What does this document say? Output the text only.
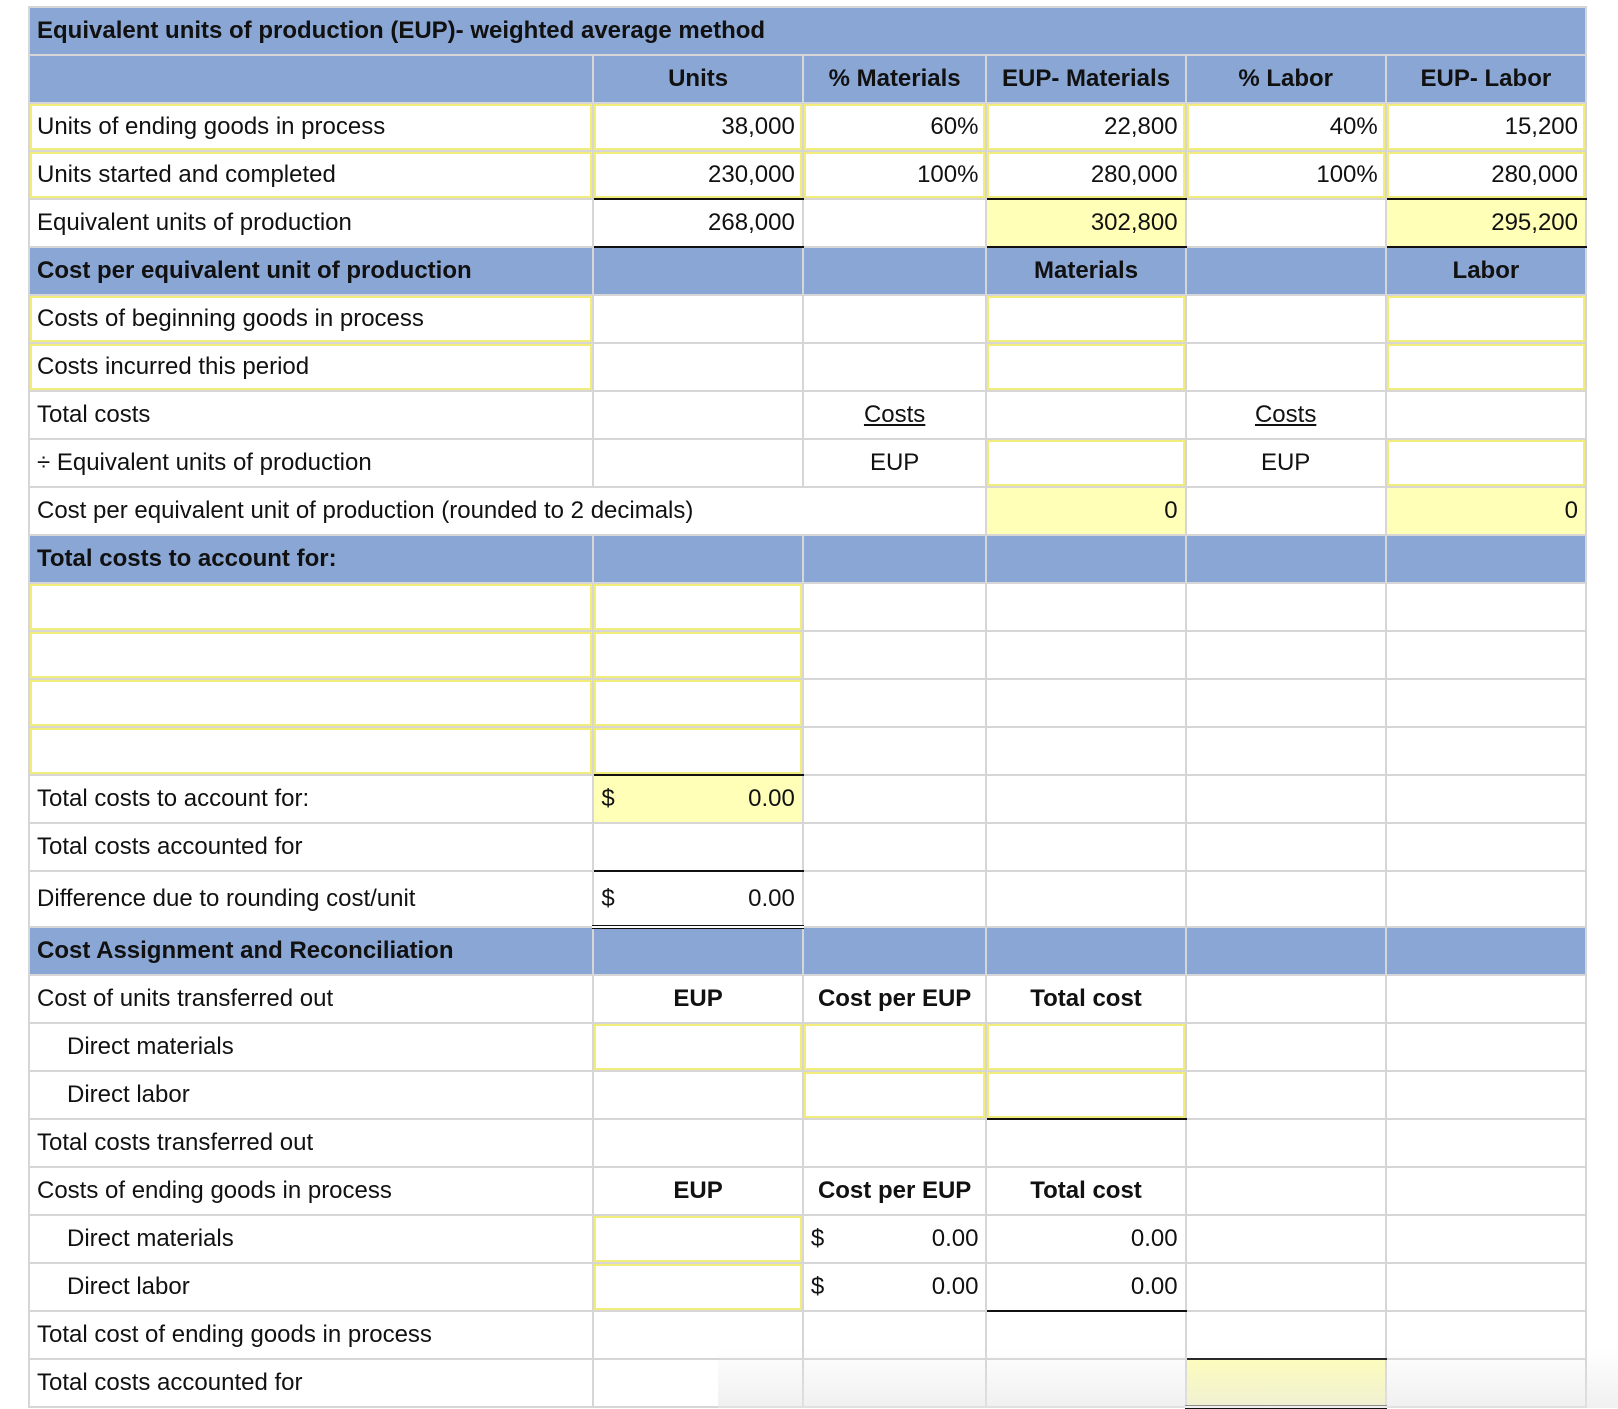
Equivalent units of production (EUP)- weighted average method					
	Units	% Materials	EUP- Materials	% Labor	EUP- Labor
Units of ending goods in process	38,000	60%	22,800	40%	15,200
Units started and completed	230,000	100%	280,000	100%	280,000
Equivalent units of production	268,000		302,800		295,200
Cost per equivalent unit of production			Materials		Labor
Costs of beginning goods in process					
Costs incurred this period					
Total costs		Costs		Costs	
÷ Equivalent units of production		EUP		EUP	
Cost per equivalent unit of production (rounded to 2 decimals)			0		0
Total costs to account for:					

Total costs to account for:	$ 0.00				

Total costs accounted for					
Difference due to rounding cost/unit	$ 0.00				

Cost Assignment and Reconciliation					
Cost of units transferred out	EUP	Cost per EUP	Total cost		
Direct materials					
Direct labor					
Total costs transferred out					
Costs of ending goods in process	EUP	Cost per EUP	Total cost		
Direct materials		$ 0.00	0.00		
Direct labor		$ 0.00	0.00		
Total cost of ending goods in process					
Total costs accounted for					
